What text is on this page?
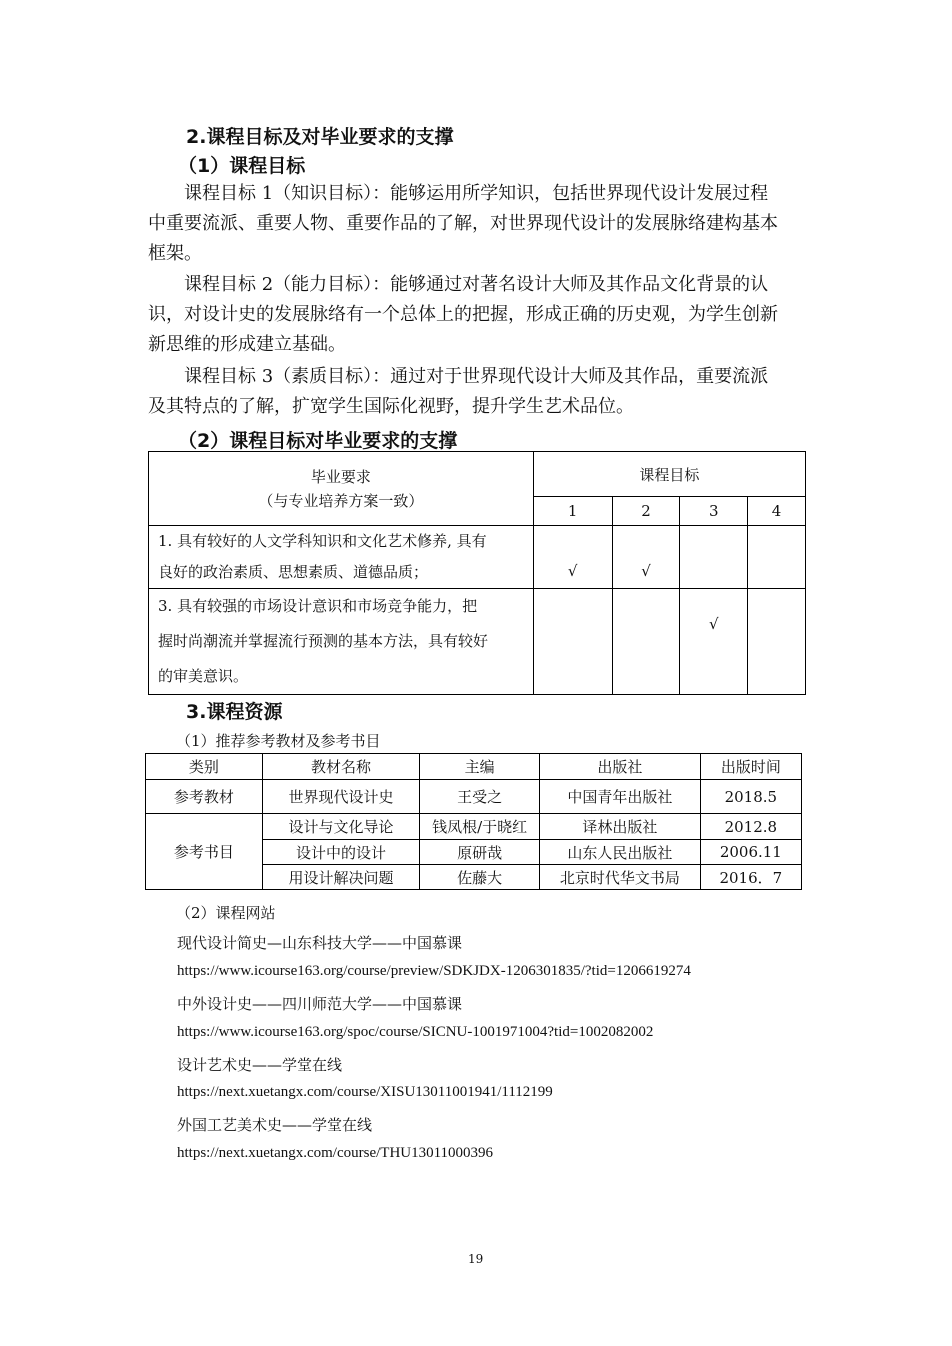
2.课程目标及对毕业要求的支撑
（1）课程目标
课程目标 1（知识目标）：能够运用所学知识，包括世界现代设计发展过程
中重要流派、重要人物、重要作品的了解，对世界现代设计的发展脉络建构基本
框架。
课程目标 2（能力目标）：能够通过对著名设计大师及其作品文化背景的认
识，对设计史的发展脉络有一个总体上的把握，形成正确的历史观，为学生创新
新思维的形成建立基础。
课程目标 3（素质目标）：通过对于世界现代设计大师及其作品，重要流派
及其特点的了解，扩宽学生国际化视野，提升学生艺术品位。
（2）课程目标对毕业要求的支撑
毕业要求
（与专业培养方案一致）	课程目标			
	1	2	3	4

1. 具有较好的人文学科知识和文化艺术修养, 具有
良好的政治素质、思想素质、道德品质；	√	√		

3. 具有较强的市场设计意识和市场竞争能力，把
握时尚潮流并掌握流行预测的基本方法，具有较好
的审美意识。			√	
3.课程资源
（1）推荐参考教材及参考书目
类别	教材名称	主编	出版社	出版时间
参考教材	世界现代设计史	王受之	中国青年出版社	2018.5
参考书目	设计与文化导论	钱凤根/于晓红	译林出版社	2012.8
	设计中的设计	原研哉	山东人民出版社	2006.11
	用设计解决问题	佐藤大	北京时代华文书局	2016．7
（2）课程网站
现代设计简史—山东科技大学——中国慕课
https://www.icourse163.org/course/preview/SDKJDX-1206301835/?tid=1206619274
中外设计史——四川师范大学——中国慕课
https://www.icourse163.org/spoc/course/SICNU-1001971004?tid=1002082002
设计艺术史——学堂在线
https://next.xuetangx.com/course/XISU13011001941/1112199
外国工艺美术史——学堂在线
https://next.xuetangx.com/course/THU13011000396
19
